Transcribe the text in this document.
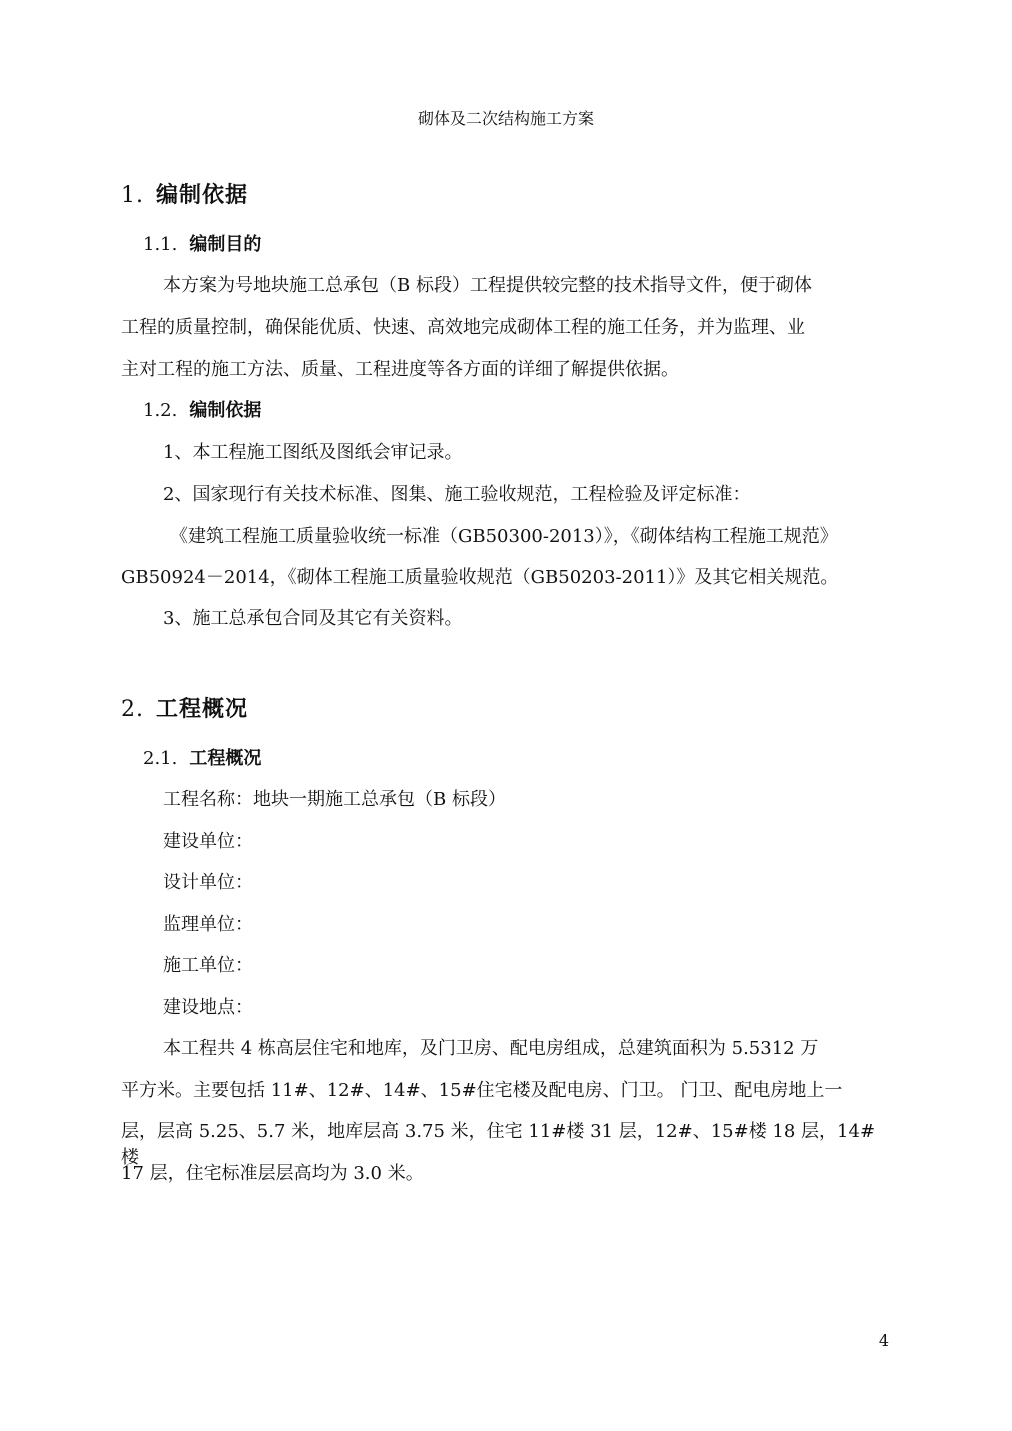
砌体及二次结构施工方案
1. 编制依据
1.1. 编制目的
本方案为号地块施工总承包（B 标段）工程提供较完整的技术指导文件，便于砌体
工程的质量控制，确保能优质、快速、高效地完成砌体工程的施工任务，并为监理、业
主对工程的施工方法、质量、工程进度等各方面的详细了解提供依据。
1.2. 编制依据
1、本工程施工图纸及图纸会审记录。
2、国家现行有关技术标准、图集、施工验收规范，工程检验及评定标准：
《建筑工程施工质量验收统一标准（GB50300-2013）》，《砌体结构工程施工规范》
GB50924－2014，《砌体工程施工质量验收规范（GB50203-2011）》及其它相关规范。
3、施工总承包合同及其它有关资料。
2. 工程概况
2.1. 工程概况
工程名称：地块一期施工总承包（B 标段）
建设单位：
设计单位：
监理单位：
施工单位：
建设地点：
本工程共 4 栋高层住宅和地库，及门卫房、配电房组成，总建筑面积为 5.5312 万
平方米。主要包括 11#、12#、14#、15#住宅楼及配电房、门卫。 门卫、配电房地上一
层，层高 5.25、5.7 米，地库层高 3.75 米，住宅 11#楼 31 层，12#、15#楼 18 层，14#楼
17 层，住宅标准层层高均为 3.0 米。
4
